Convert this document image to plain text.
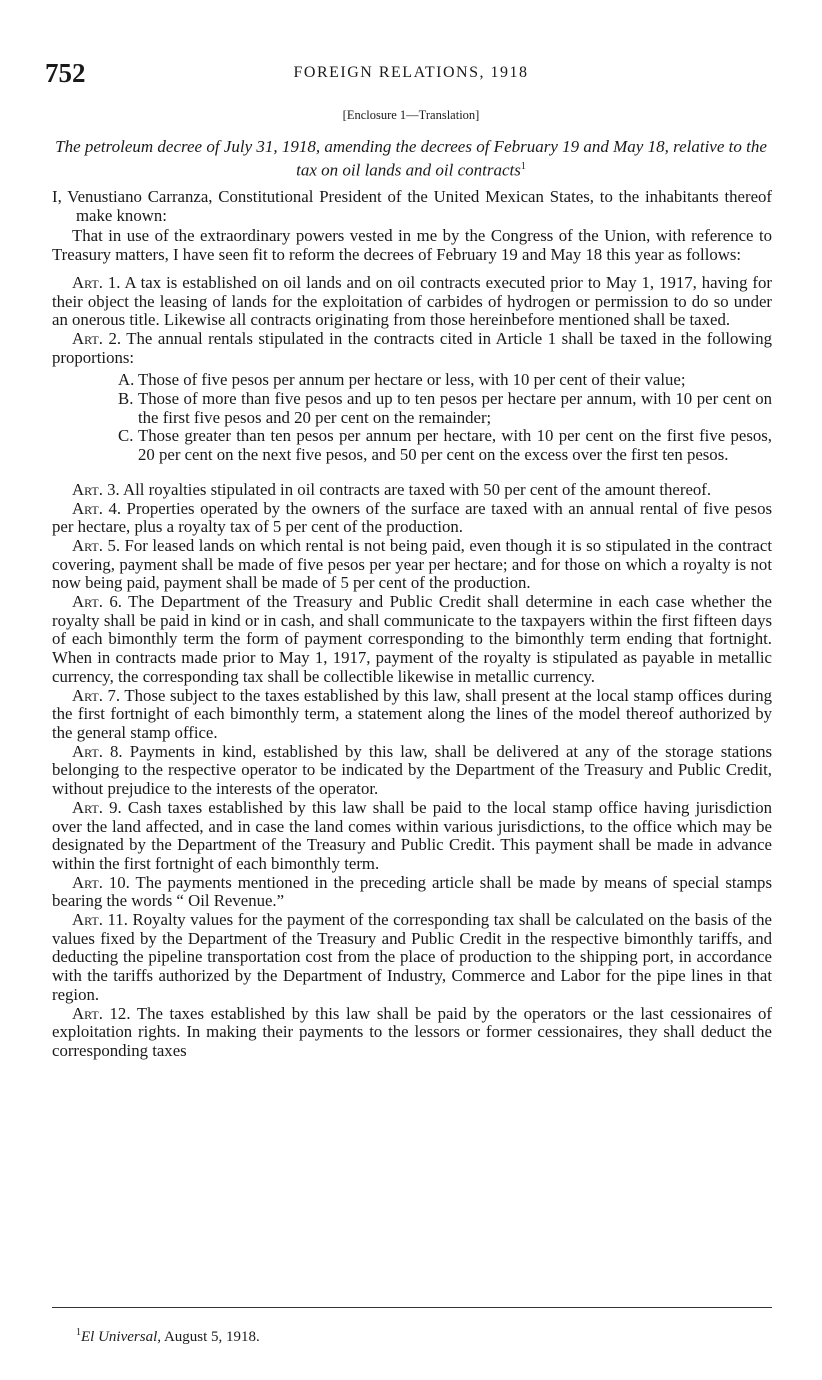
752	FOREIGN RELATIONS, 1918
[Enclosure 1—Translation]
The petroleum decree of July 31, 1918, amending the decrees of February 19 and May 18, relative to the tax on oil lands and oil contracts$^1$

I, Venustiano Carranza, Constitutional President of the United Mexican States, to the inhabitants thereof make known:

That in use of the extraordinary powers vested in me by the Congress of the Union, with reference to Treasury matters, I have seen fit to reform the decrees of February 19 and May 18 this year as follows:

Art. 1. A tax is established on oil lands and on oil contracts executed prior to May 1, 1917, having for their object the leasing of lands for the exploitation of carbides of hydrogen or permission to do so under an onerous title. Likewise all contracts originating from those hereinbefore mentioned shall be taxed.

Art. 2. The annual rentals stipulated in the contracts cited in Article 1 shall be taxed in the following proportions:

A. Those of five pesos per annum per hectare or less, with 10 per cent of their value;
B. Those of more than five pesos and up to ten pesos per hectare per annum, with 10 per cent on the first five pesos and 20 per cent on the remainder;
C. Those greater than ten pesos per annum per hectare, with 10 per cent on the first five pesos, 20 per cent on the next five pesos, and 50 per cent on the excess over the first ten pesos.

Art. 3. All royalties stipulated in oil contracts are taxed with 50 per cent of the amount thereof.

Art. 4. Properties operated by the owners of the surface are taxed with an annual rental of five pesos per hectare, plus a royalty tax of 5 per cent of the production.

Art. 5. For leased lands on which rental is not being paid, even though it is so stipulated in the contract covering, payment shall be made of five pesos per year per hectare; and for those on which a royalty is not now being paid, payment shall be made of 5 per cent of the production.

Art. 6. The Department of the Treasury and Public Credit shall determine in each case whether the royalty shall be paid in kind or in cash, and shall communicate to the taxpayers within the first fifteen days of each bimonthly term the form of payment corresponding to the bimonthly term ending that fortnight. When in contracts made prior to May 1, 1917, payment of the royalty is stipulated as payable in metallic currency, the corresponding tax shall be collectible likewise in metallic currency.

Art. 7. Those subject to the taxes established by this law, shall present at the local stamp offices during the first fortnight of each bimonthly term, a statement along the lines of the model thereof authorized by the general stamp office.

Art. 8. Payments in kind, established by this law, shall be delivered at any of the storage stations belonging to the respective operator to be indicated by the Department of the Treasury and Public Credit, without prejudice to the interests of the operator.

Art. 9. Cash taxes established by this law shall be paid to the local stamp office having jurisdiction over the land affected, and in case the land comes within various jurisdictions, to the office which may be designated by the Department of the Treasury and Public Credit. This payment shall be made in advance within the first fortnight of each bimonthly term.

Art. 10. The payments mentioned in the preceding article shall be made by means of special stamps bearing the words “ Oil Revenue.”

Art. 11. Royalty values for the payment of the corresponding tax shall be calculated on the basis of the values fixed by the Department of the Treasury and Public Credit in the respective bimonthly tariffs, and deducting the pipeline transportation cost from the place of production to the shipping port, in accordance with the tariffs authorized by the Department of Industry, Commerce and Labor for the pipe lines in that region.

Art. 12. The taxes established by this law shall be paid by the operators or the last cessionaires of exploitation rights. In making their payments to the lessors or former cessionaires, they shall deduct the corresponding taxes

$^1$El Universal, August 5, 1918.
